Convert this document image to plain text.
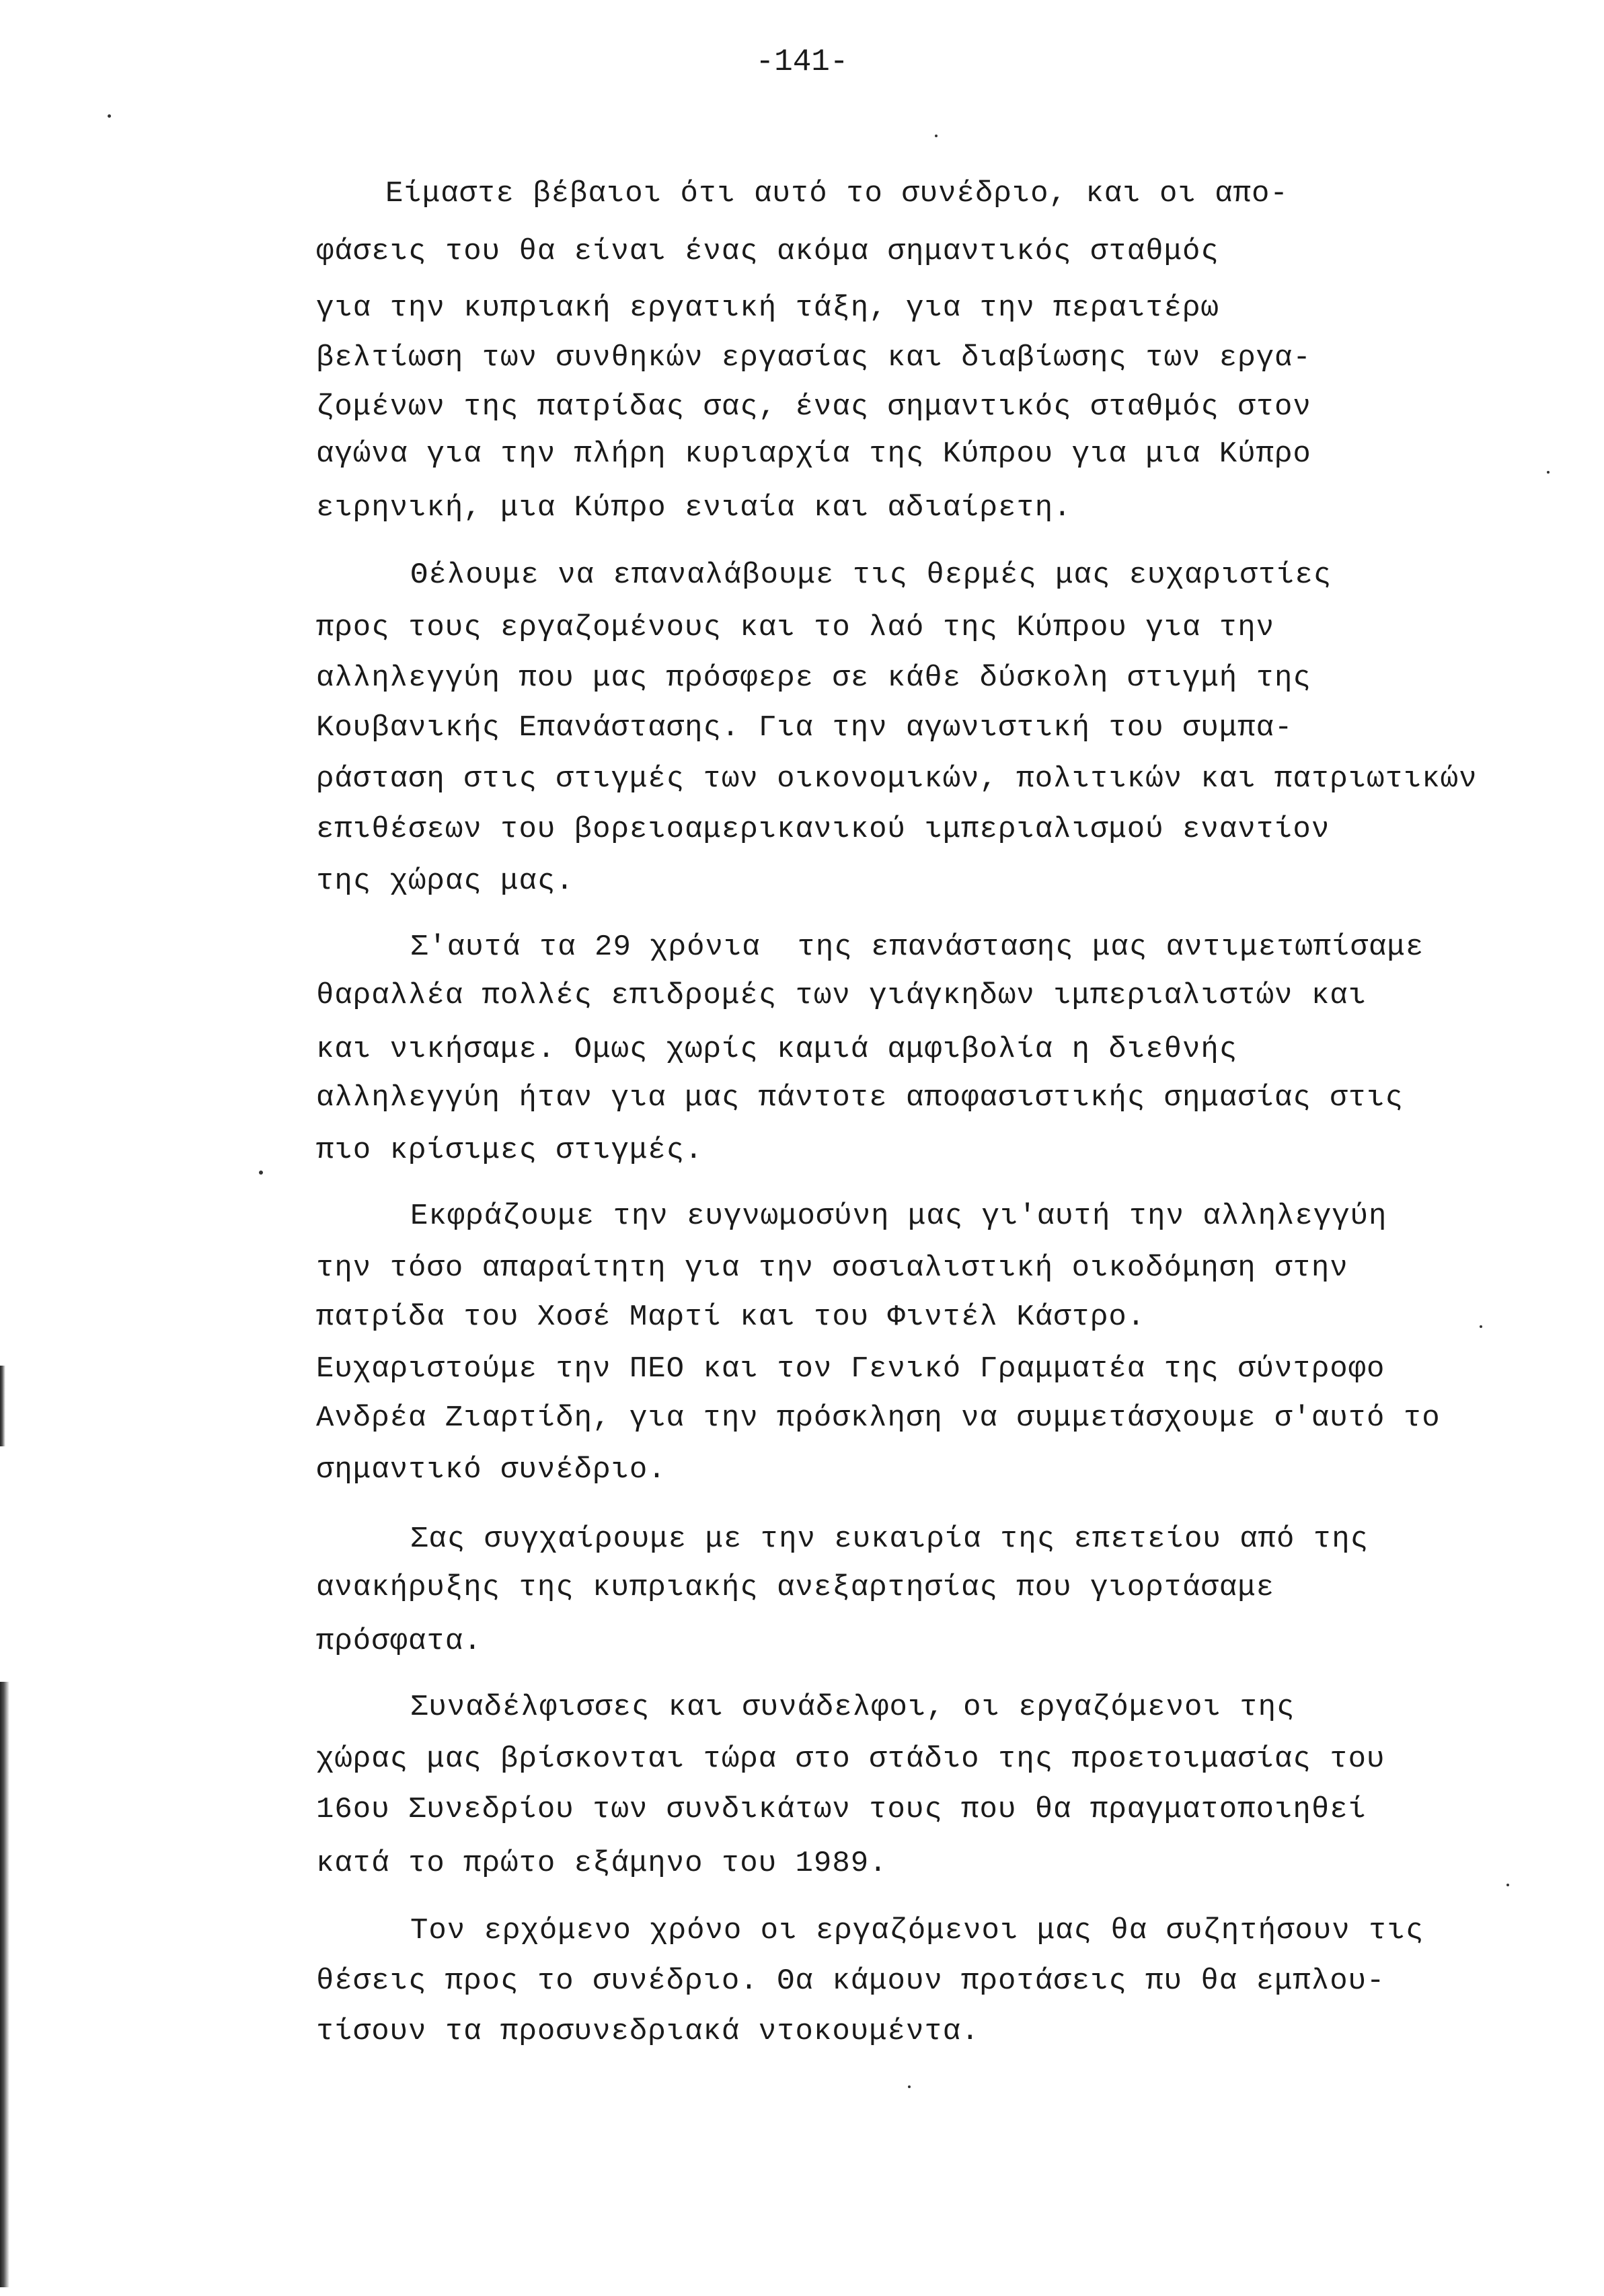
-141-
Είμαστε βέβαιοι ότι αυτό το συνέδριο, και οι απο-
φάσεις του θα είναι ένας ακόμα σημαντικός σταθμός
για την κυπριακή εργατική τάξη, για την περαιτέρω
βελτίωση των συνθηκών εργασίας και διαβίωσης των εργα-
ζομένων της πατρίδας σας, ένας σημαντικός σταθμός στον
αγώνα για την πλήρη κυριαρχία της Κύπρου για μια Κύπρο
ειρηνική, μια Κύπρο ενιαία και αδιαίρετη.
Θέλουμε να επαναλάβουμε τις θερμές μας ευχαριστίες
προς τους εργαζομένους και το λαό της Κύπρου για την
αλληλεγγύη που μας πρόσφερε σε κάθε δύσκολη στιγμή της
Κουβανικής Επανάστασης. Για την αγωνιστική του συμπα-
ράσταση στις στιγμές των οικονομικών, πολιτικών και πατριωτικών
επιθέσεων του βορειοαμερικανικού ιμπεριαλισμού εναντίον
της χώρας μας.
Σ'αυτά τα 29 χρόνια  της επανάστασης μας αντιμετωπίσαμε
θαραλλέα πολλές επιδρομές των γιάγκηδων ιμπεριαλιστών και
και νικήσαμε. Ομως χωρίς καμιά αμφιβολία η διεθνής
αλληλεγγύη ήταν για μας πάντοτε αποφασιστικής σημασίας στις
πιο κρίσιμες στιγμές.
Εκφράζουμε την ευγνωμοσύνη μας γι'αυτή την αλληλεγγύη
την τόσο απαραίτητη για την σοσιαλιστική οικοδόμηση στην
πατρίδα του Χοσέ Μαρτί και του Φιντέλ Κάστρο.
Ευχαριστούμε την ΠΕΟ και τον Γενικό Γραμματέα της σύντροφο
Ανδρέα Ζιαρτίδη, για την πρόσκληση να συμμετάσχουμε σ'αυτό το
σημαντικό συνέδριο.
Σας συγχαίρουμε με την ευκαιρία της επετείου από της
ανακήρυξης της κυπριακής ανεξαρτησίας που γιορτάσαμε
πρόσφατα.
Συναδέλφισσες και συνάδελφοι, οι εργαζόμενοι της
χώρας μας βρίσκονται τώρα στο στάδιο της προετοιμασίας του
16ου Συνεδρίου των συνδικάτων τους που θα πραγματοποιηθεί
κατά το πρώτο εξάμηνο του 1989.
Τον ερχόμενο χρόνο οι εργαζόμενοι μας θα συζητήσουν τις
θέσεις προς το συνέδριο. Θα κάμουν προτάσεις πυ θα εμπλου-
τίσουν τα προσυνεδριακά ντοκουμέντα.
